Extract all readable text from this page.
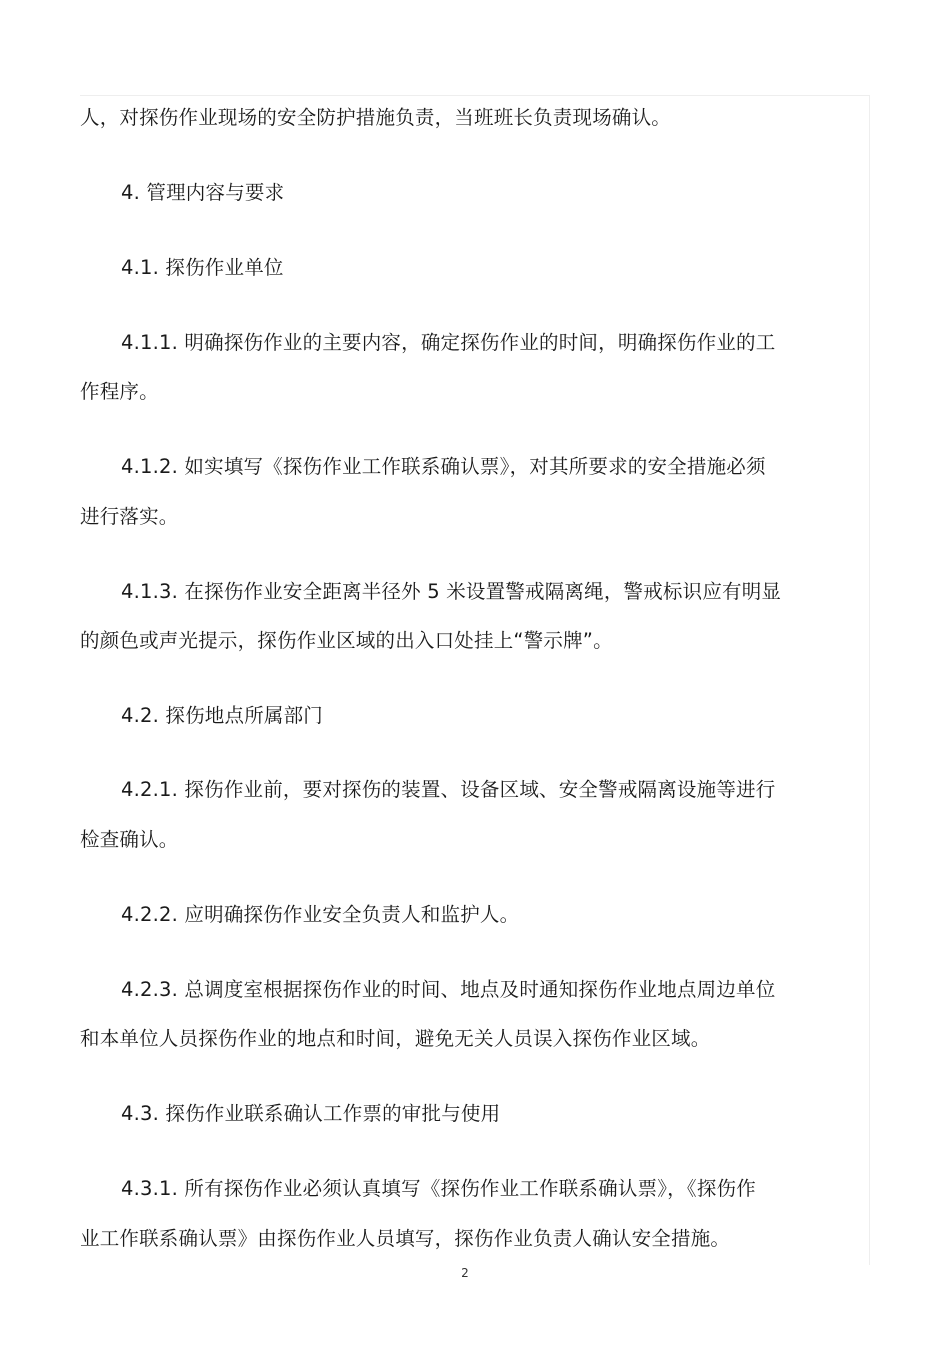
人，对探伤作业现场的安全防护措施负责，当班班长负责现场确认。
4. 管理内容与要求
4.1. 探伤作业单位
4.1.1. 明确探伤作业的主要内容，确定探伤作业的时间，明确探伤作业的工
作程序。
4.1.2. 如实填写《探伤作业工作联系确认票》，对其所要求的安全措施必须
进行落实。
4.1.3. 在探伤作业安全距离半径外 5 米设置警戒隔离绳，警戒标识应有明显
的颜色或声光提示，探伤作业区域的出入口处挂上“警示牌”。
4.2. 探伤地点所属部门
4.2.1. 探伤作业前，要对探伤的装置、设备区域、安全警戒隔离设施等进行
检查确认。
4.2.2. 应明确探伤作业安全负责人和监护人。
4.2.3. 总调度室根据探伤作业的时间、地点及时通知探伤作业地点周边单位
和本单位人员探伤作业的地点和时间，避免无关人员误入探伤作业区域。
4.3. 探伤作业联系确认工作票的审批与使用
4.3.1. 所有探伤作业必须认真填写《探伤作业工作联系确认票》，《探伤作
业工作联系确认票》由探伤作业人员填写，探伤作业负责人确认安全措施。
2
